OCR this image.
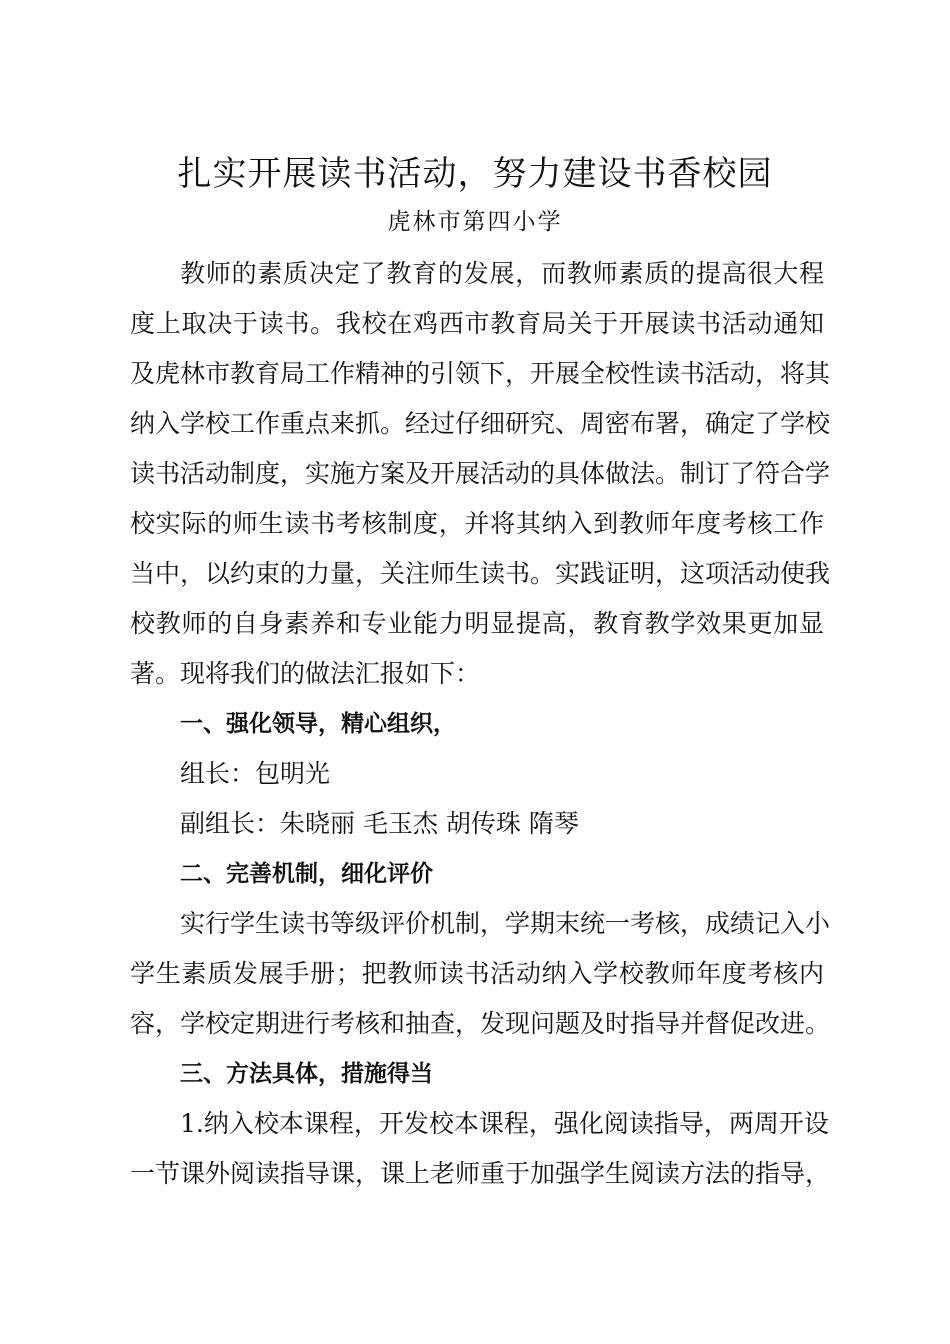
扎实开展读书活动，努力建设书香校园
虎林市第四小学
教师的素质决定了教育的发展，而教师素质的提高很大程
度上取决于读书。我校在鸡西市教育局关于开展读书活动通知
及虎林市教育局工作精神的引领下，开展全校性读书活动，将其
纳入学校工作重点来抓。经过仔细研究、周密布署，确定了学校
读书活动制度，实施方案及开展活动的具体做法。制订了符合学
校实际的师生读书考核制度，并将其纳入到教师年度考核工作
当中，以约束的力量，关注师生读书。实践证明，这项活动使我
校教师的自身素养和专业能力明显提高，教育教学效果更加显
著。现将我们的做法汇报如下：
一、强化领导，精心组织，
组长：包明光
副组长：朱晓丽 毛玉杰 胡传珠 隋琴
二、完善机制，细化评价
实行学生读书等级评价机制，学期末统一考核，成绩记入小
学生素质发展手册；把教师读书活动纳入学校教师年度考核内
容，学校定期进行考核和抽查，发现问题及时指导并督促改进。
三、方法具体，措施得当
1.纳入校本课程，开发校本课程，强化阅读指导，两周开设
一节课外阅读指导课，课上老师重于加强学生阅读方法的指导，
